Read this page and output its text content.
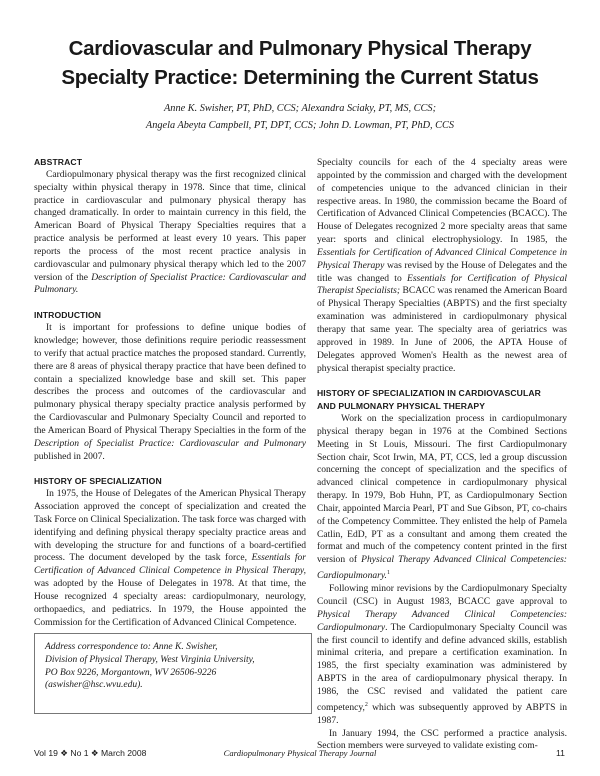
Cardiovascular and Pulmonary Physical Therapy
Specialty Practice: Determining the Current Status
Anne K. Swisher, PT, PhD, CCS; Alexandra Sciaky, PT, MS, CCS;
Angela Abeyta Campbell, PT, DPT, CCS; John D. Lowman, PT, PhD, CCS
ABSTRACT

Cardiopulmonary physical therapy was the first recognized clinical specialty within physical therapy in 1978. Since that time, clinical practice in cardiovascular and pulmonary physical therapy has changed dramatically. In order to maintain currency in this field, the American Board of Physical Therapy Specialties requires that a practice analysis be performed at least every 10 years. This paper reports the process of the most recent practice analysis in cardiovascular and pulmonary physical therapy which led to the 2007 version of the Description of Specialist Practice: Cardiovascular and Pulmonary.

INTRODUCTION

It is important for professions to define unique bodies of knowledge; however, those definitions require periodic reassessment to verify that actual practice matches the proposed standard. Currently, there are 8 areas of physical therapy practice that have been defined to contain a specialized knowledge base and skill set. This paper describes the process and outcomes of the cardiovascular and pulmonary physical therapy specialty practice analysis performed by the Cardiovascular and Pulmonary Specialty Council and reported to the American Board of Physical Therapy Specialties in the form of the Description of Specialist Practice: Cardiovascular and Pulmonary published in 2007.

HISTORY OF SPECIALIZATION

In 1975, the House of Delegates of the American Physical Therapy Association approved the concept of specialization and created the Task Force on Clinical Specialization. The task force was charged with identifying and defining physical therapy specialty practice areas and with developing the structure for and functions of a board-certified process. The document developed by the task force, Essentials for Certification of Advanced Clinical Competence in Physical Therapy, was adopted by the House of Delegates in 1978. At that time, the House recognized 4 specialty areas: cardiopulmonary, neurology, orthopaedics, and pediatrics. In 1979, the House appointed the Commission for the Certification of Advanced Clinical Competence.

Address correspondence to: Anne K. Swisher,
Division of Physical Therapy, West Virginia University,
PO Box 9226, Morgantown, WV 26506-9226
(aswisher@hsc.wvu.edu).

Specialty councils for each of the 4 specialty areas were appointed by the commission and charged with the development of competencies unique to the advanced clinician in their respective areas. In 1980, the commission became the Board of Certification of Advanced Clinical Competencies (BCACC). The House of Delegates recognized 2 more specialty areas that same year: sports and clinical electrophysiology. In 1985, the Essentials for Certification of Advanced Clinical Competence in Physical Therapy was revised by the House of Delegates and the title was changed to Essentials for Certification of Physical Therapist Specialists; BCACC was renamed the American Board of Physical Therapy Specialties (ABPTS) and the first specialty examination was administered in cardiopulmonary physical therapy that same year. The specialty area of geriatrics was approved in 1989. In June of 2006, the APTA House of Delegates approved Women's Health as the newest area of physical therapist specialty practice.

HISTORY OF SPECIALIZATION IN CARDIOVASCULAR
AND PULMONARY PHYSICAL THERAPY

Work on the specialization process in cardiopulmonary physical therapy began in 1976 at the Combined Sections Meeting in St Louis, Missouri. The first Cardiopulmonary Section chair, Scot Irwin, MA, PT, CCS, led a group discussion concerning the concept of specialization and the specifics of advanced clinical competence in cardiopulmonary physical therapy. In 1979, Bob Huhn, PT, as Cardiopulmonary Section Chair, appointed Marcia Pearl, PT and Sue Gibson, PT, co-chairs of the Competency Committee. They enlisted the help of Pamela Catlin, EdD, PT as a consultant and among them created the format and much of the competency content printed in the first version of Physical Therapy Advanced Clinical Competencies: Cardiopulmonary.$^1$

Following minor revisions by the Cardiopulmonary Specialty Council (CSC) in August 1983, BCACC gave approval to Physical Therapy Advanced Clinical Competencies: Cardiopulmonary. The Cardiopulmonary Specialty Council was the first council to identify and define advanced skills, establish minimal criteria, and prepare a certification examination. In 1985, the first specialty examination was administered by ABPTS in the area of cardiopulmonary physical therapy. In 1986, the CSC revised and validated the patient care competency,$^2$ which was subsequently approved by ABPTS in 1987.

In January 1994, the CSC performed a practice analysis. Section members were surveyed to validate existing com-

Cardiopulmonary Physical Therapy Journal
Vol 19 ❖ No 1 ❖ March 2008	11
